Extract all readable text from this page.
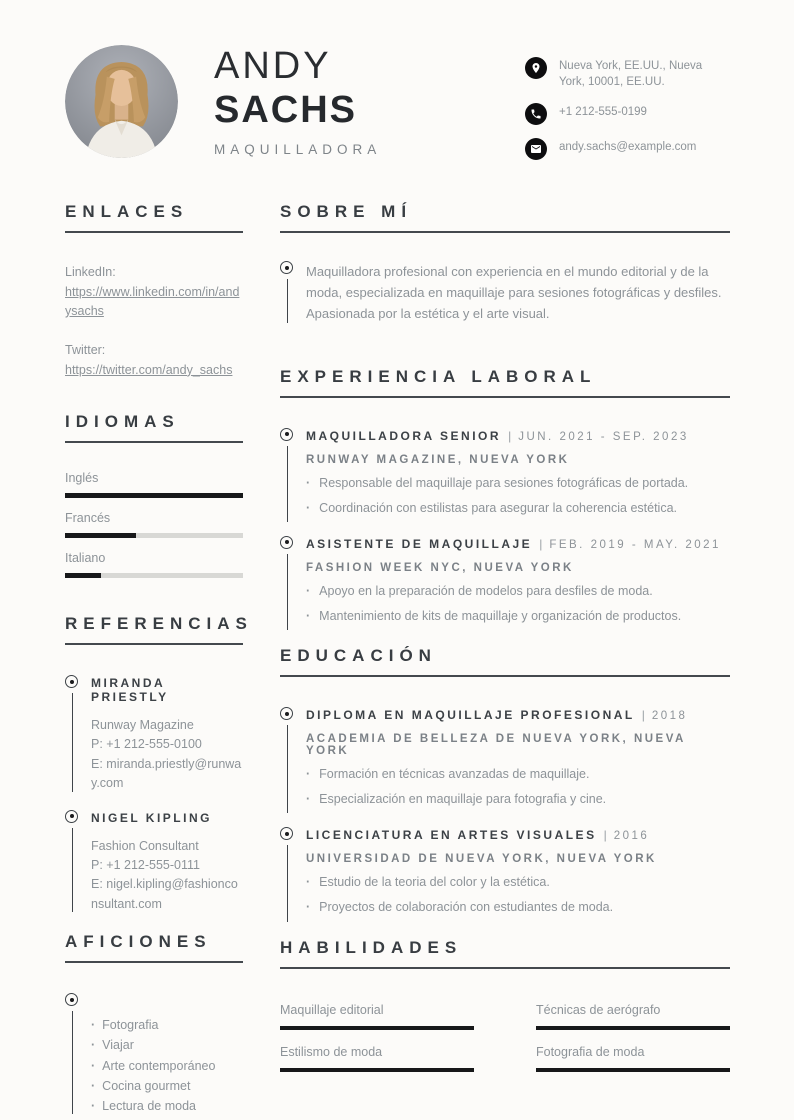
ANDY
SACHS
MAQUILLADORA
Nueva York, EE.UU., Nueva York, 10001, EE.UU.
+1 212-555-0199
andy.sachs@example.com
ENLACES
LinkedIn:
https://www.linkedin.com/in/andysachs
Twitter:
https://twitter.com/andy_sachs
IDIOMAS
Inglés
Francés
Italiano
REFERENCIAS
MIRANDA PRIESTLY
Runway Magazine
P: +1 212-555-0100
E: miranda.priestly@runway.com
NIGEL KIPLING
Fashion Consultant
P: +1 212-555-0111
E: nigel.kipling@fashionconsultant.com
AFICIONES
· Fotografia
· Viajar
· Arte contemporáneo
· Cocina gourmet
· Lectura de moda
SOBRE MÍ

Maquilladora profesional con experiencia en el mundo editorial y de la moda, especializada en maquillaje para sesiones fotográficas y desfiles. Apasionada por la estética y el arte visual.

EXPERIENCIA LABORAL
MAQUILLADORA SENIOR | JUN. 2021 - SEP. 2023
RUNWAY MAGAZINE, NUEVA YORK
· Responsable del maquillaje para sesiones fotográficas de portada.
· Coordinación con estilistas para asegurar la coherencia estética.
ASISTENTE DE MAQUILLAJE | FEB. 2019 - MAY. 2021
FASHION WEEK NYC, NUEVA YORK
· Apoyo en la preparación de modelos para desfiles de moda.
· Mantenimiento de kits de maquillaje y organización de productos.
EDUCACIÓN
DIPLOMA EN MAQUILLAJE PROFESIONAL | 2018
ACADEMIA DE BELLEZA DE NUEVA YORK, NUEVA YORK
· Formación en técnicas avanzadas de maquillaje.
· Especialización en maquillaje para fotografia y cine.
LICENCIATURA EN ARTES VISUALES | 2016
UNIVERSIDAD DE NUEVA YORK, NUEVA YORK
· Estudio de la teoria del color y la estética.
· Proyectos de colaboración con estudiantes de moda.
HABILIDADES
Maquillaje editorial	Técnicas de aerógrafo
Estilismo de moda	Fotografia de moda
